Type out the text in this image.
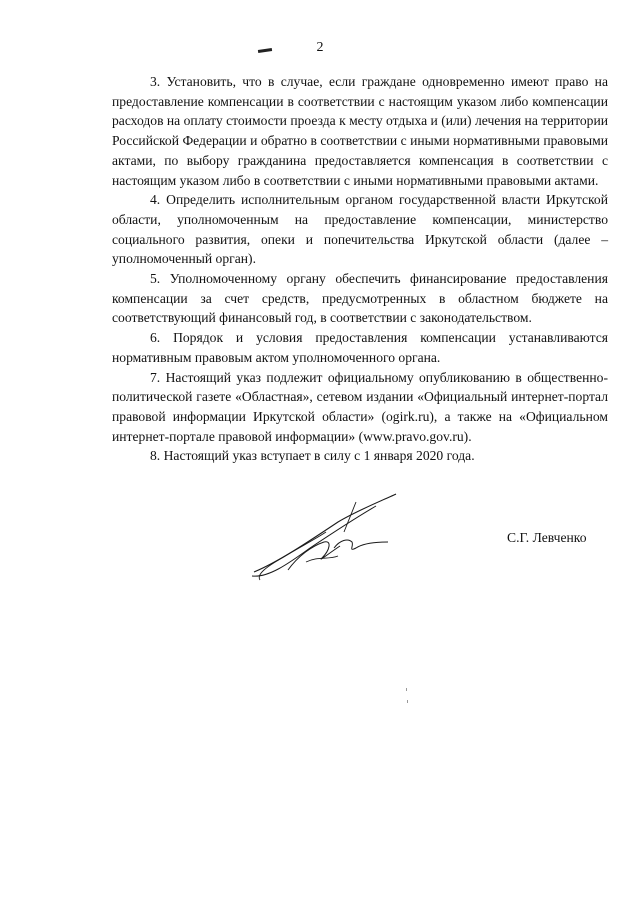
2

3. Установить, что в случае, если граждане одновременно имеют право на предоставление компенсации в соответствии с настоящим указом либо компенсации расходов на оплату стоимости проезда к месту отдыха и (или) лечения на территории Российской Федерации и обратно в соответствии с иными нормативными правовыми актами, по выбору гражданина предоставляется компенсация в соответствии с настоящим указом либо в соответствии с иными нормативными правовыми актами.

4. Определить исполнительным органом государственной власти Иркутской области, уполномоченным на предоставление компенсации, министерство социального развития, опеки и попечительства Иркутской области (далее – уполномоченный орган).

5. Уполномоченному органу обеспечить финансирование предоставления компенсации за счет средств, предусмотренных в областном бюджете на соответствующий финансовый год, в соответствии с законодательством.

6. Порядок и условия предоставления компенсации устанавливаются нормативным правовым актом уполномоченного органа.

7. Настоящий указ подлежит официальному опубликованию в общественно-политической газете «Областная», сетевом издании «Официальный интернет-портал правовой информации Иркутской области» (ogirk.ru), а также на «Официальном интернет-портале правовой информации» (www.pravo.gov.ru).

8. Настоящий указ вступает в силу с 1 января 2020 года.

С.Г. Левченко
